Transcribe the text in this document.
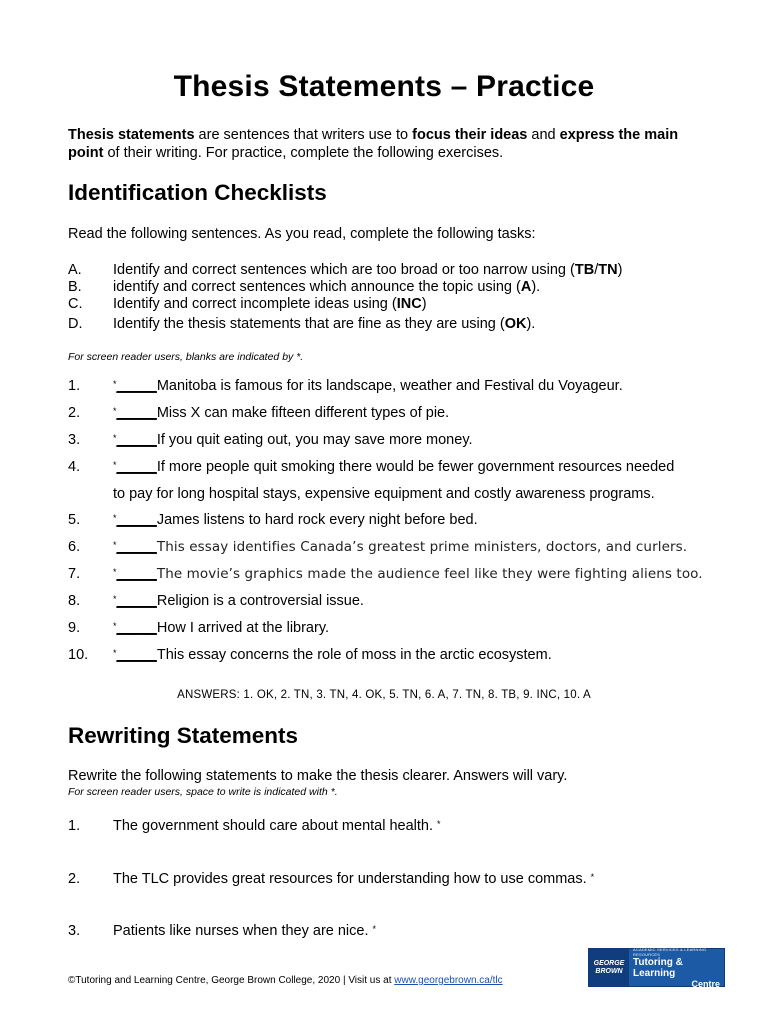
Thesis Statements – Practice
Thesis statements are sentences that writers use to focus their ideas and express the main point of their writing. For practice, complete the following exercises.
Identification Checklists
Read the following sentences. As you read, complete the following tasks:
A. Identify and correct sentences which are too broad or too narrow using (TB/TN)
B. identify and correct sentences which announce the topic using (A).
C. Identify and correct incomplete ideas using (INC)
D. Identify the thesis statements that are fine as they are using (OK).
For screen reader users, blanks are indicated by *.
1.	*_____Manitoba is famous for its landscape, weather and Festival du Voyageur.
2.	*_____Miss X can make fifteen different types of pie.
3.	*_____If you quit eating out, you may save more money.
4.	*_____If more people quit smoking there would be fewer government resources needed
to pay for long hospital stays, expensive equipment and costly awareness programs.
5.	*_____James listens to hard rock every night before bed.
6.	*_____This essay identifies Canada’s greatest prime ministers, doctors, and curlers.
7.	*_____The movie’s graphics made the audience feel like they were fighting aliens too.
8.	*_____Religion is a controversial issue.
9.	*_____How I arrived at the library.
10.	*_____This essay concerns the role of moss in the arctic ecosystem.
ANSWERS: 1. OK, 2. TN, 3. TN, 4. OK, 5. TN, 6. A, 7. TN, 8. TB, 9. INC, 10. A
Rewriting Statements
Rewrite the following statements to make the thesis clearer. Answers will vary.
For screen reader users, space to write is indicated with *.
1. The government should care about mental health. *
2. The TLC provides great resources for understanding how to use commas. *
3. Patients like nurses when they are nice. *
©Tutoring and Learning Centre, George Brown College, 2020 | Visit us at www.georgebrown.ca/tlc
GEORGE
BROWN
ACADEMIC SERVICES & LEARNING RESOURCES
Tutoring & Learning
Centre
